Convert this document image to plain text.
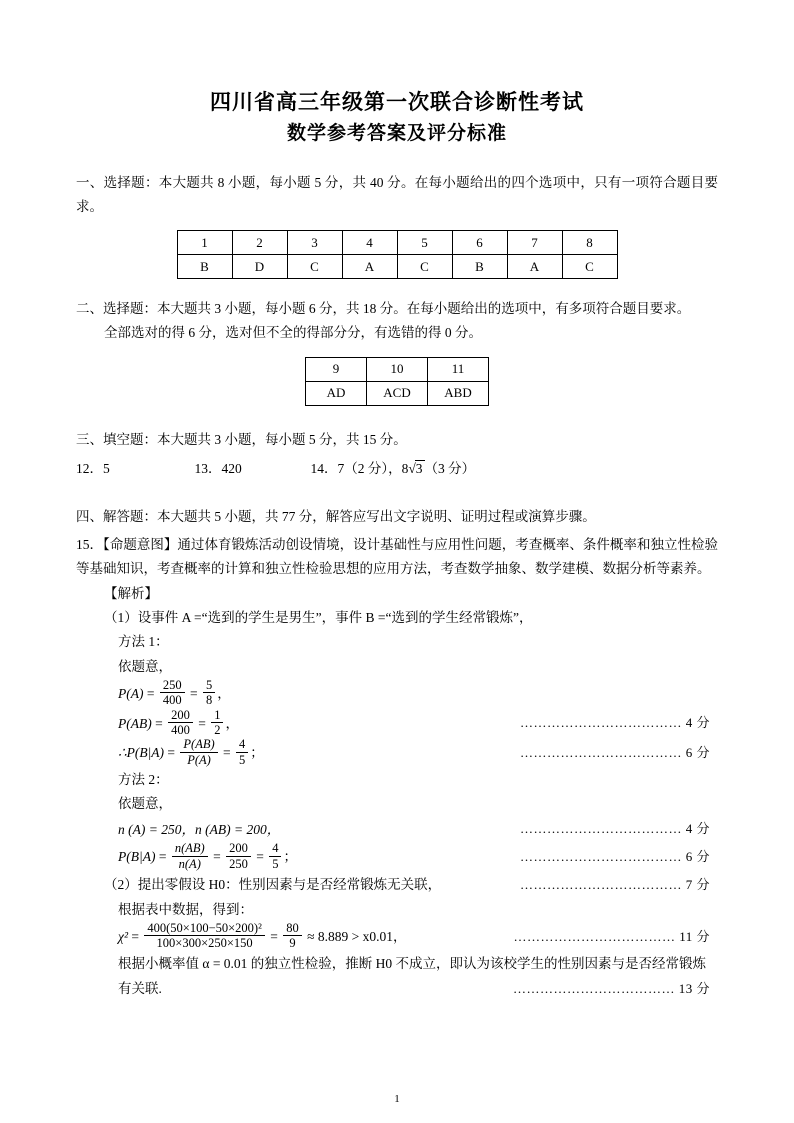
四川省高三年级第一次联合诊断性考试
数学参考答案及评分标准
一、选择题：本大题共 8 小题，每小题 5 分，共 40 分。在每小题给出的四个选项中，只有一项符合题目要求。
1	2	3	4	5	6	7	8
B	D	C	A	C	B	A	C
二、选择题：本大题共 3 小题，每小题 6 分，共 18 分。在每小题给出的选项中，有多项符合题目要求。
全部选对的得 6 分，选对但不全的得部分分，有选错的得 0 分。
9	10	11
AD	ACD	ABD
三、填空题：本大题共 3 小题，每小题 5 分，共 15 分。
12．5	13．420	14．7（2 分），8√3 （3 分）
四、解答题：本大题共 5 小题，共 77 分，解答应写出文字说明、证明过程或演算步骤。
15．【命题意图】通过体育锻炼活动创设情境，设计基础性与应用性问题，考查概率、条件概率和独立性检验等基础知识，考查概率的计算和独立性检验思想的应用方法，考查数学抽象、数学建模、数据分析等素养。
【解析】
（1）设事件 A =“选到的学生是男生”，事件 B =“选到的学生经常锻炼”，
方法 1：
依题意，
$P(A) = \frac{250}{400} = \frac{5}{8}$ ，
$P(AB) = \frac{200}{400} = \frac{1}{2}$ ，	……………………………… 4 分
∴P(B|A) = $\frac{P(AB)}{P(A)} = \frac{4}{5}$ ；	……………………………… 6 分
方法 2：
依题意，
n (A) = 250，n (AB) = 200，	……………………………… 4 分
$P(B|A) = \frac{n(AB)}{n(A)} = \frac{200}{250} = \frac{4}{5}$ ；	……………………………… 6 分
（2）提出零假设 H0：性别因素与是否经常锻炼无关联，	……………………………… 7 分
根据表中数据，得到：
$\chi^2 = \frac{\text{400(50×100−50×200)²}}{100\times 300\times 250\times 150} = \frac{80}{9}$
≈ 8.889 > x0.01，	……………………………… 11 分
根据小概率值 α = 0.01 的独立性检验，推断 H0 不成立，即认为该校学生的性别因素与是否经常锻炼
有关联.	……………………………… 13 分
1
